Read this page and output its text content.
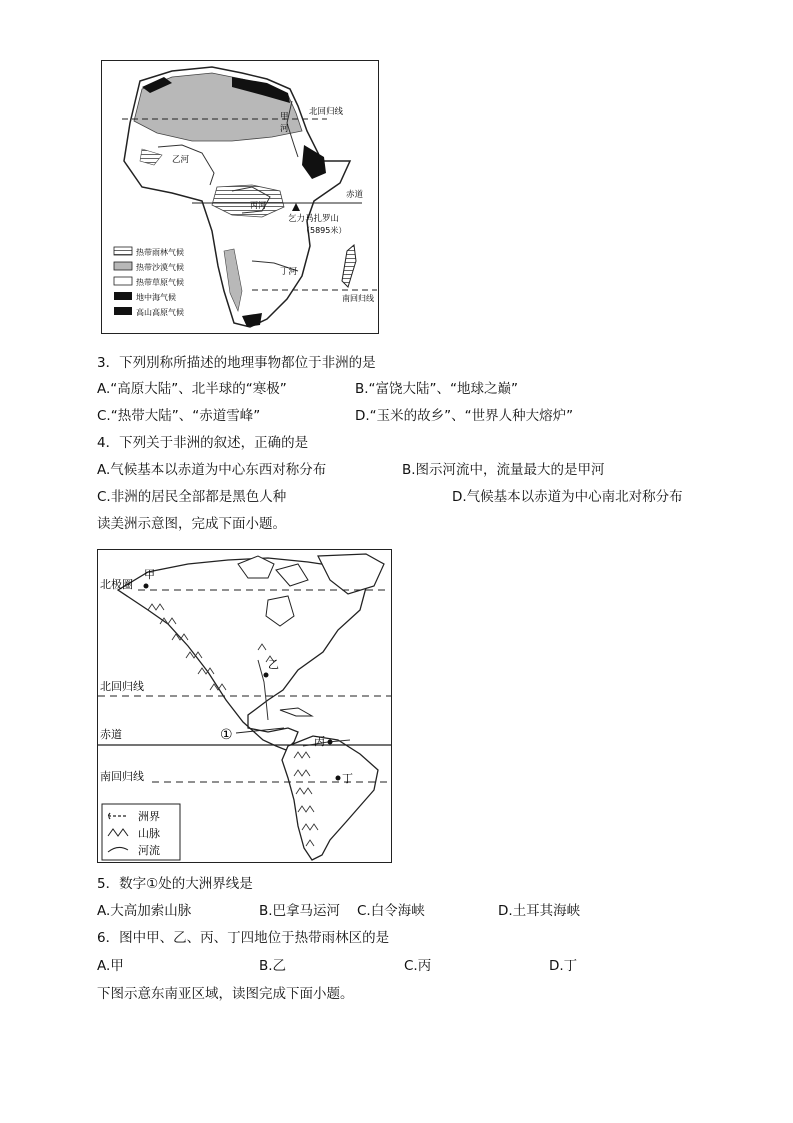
北回归线
甲
河
乙河
赤道
丙河
乞力马扎罗山
（5895米）
丁河
南回归线
热带雨林气候
热带沙漠气候
热带草原气候
地中海气候
高山高原气候
3．下列別称所描述的地理事物都位于非洲的是
A.“高原大陆”、北半球的“寒极”	B.“富饶大陆”、“地球之巅”
C.“热带大陆”、“赤道雪峰”	D.“玉米的故乡”、“世界人种大熔炉”
4．下列关于非洲的叙述，正确的是
A.气候基本以赤道为中心东西对称分布	B.图示河流中，流量最大的是甲河
C.非洲的居民全部都是黑色人种	D.气候基本以赤道为中心南北对称分布
读美洲示意图，完成下面小题。
北极圈
甲
乙
北回归线
赤道	①	丙
南回归线	丁
洲界
山脉
河流
5．数字①处的大洲界线是
A.大高加索山脉	B.巴拿马运河 C.白令海峡	D.土耳其海峡
6．图中甲、乙、丙、丁四地位于热带雨林区的是
A.甲	B.乙	C.丙	D.丁
下图示意东南亚区域，读图完成下面小题。
